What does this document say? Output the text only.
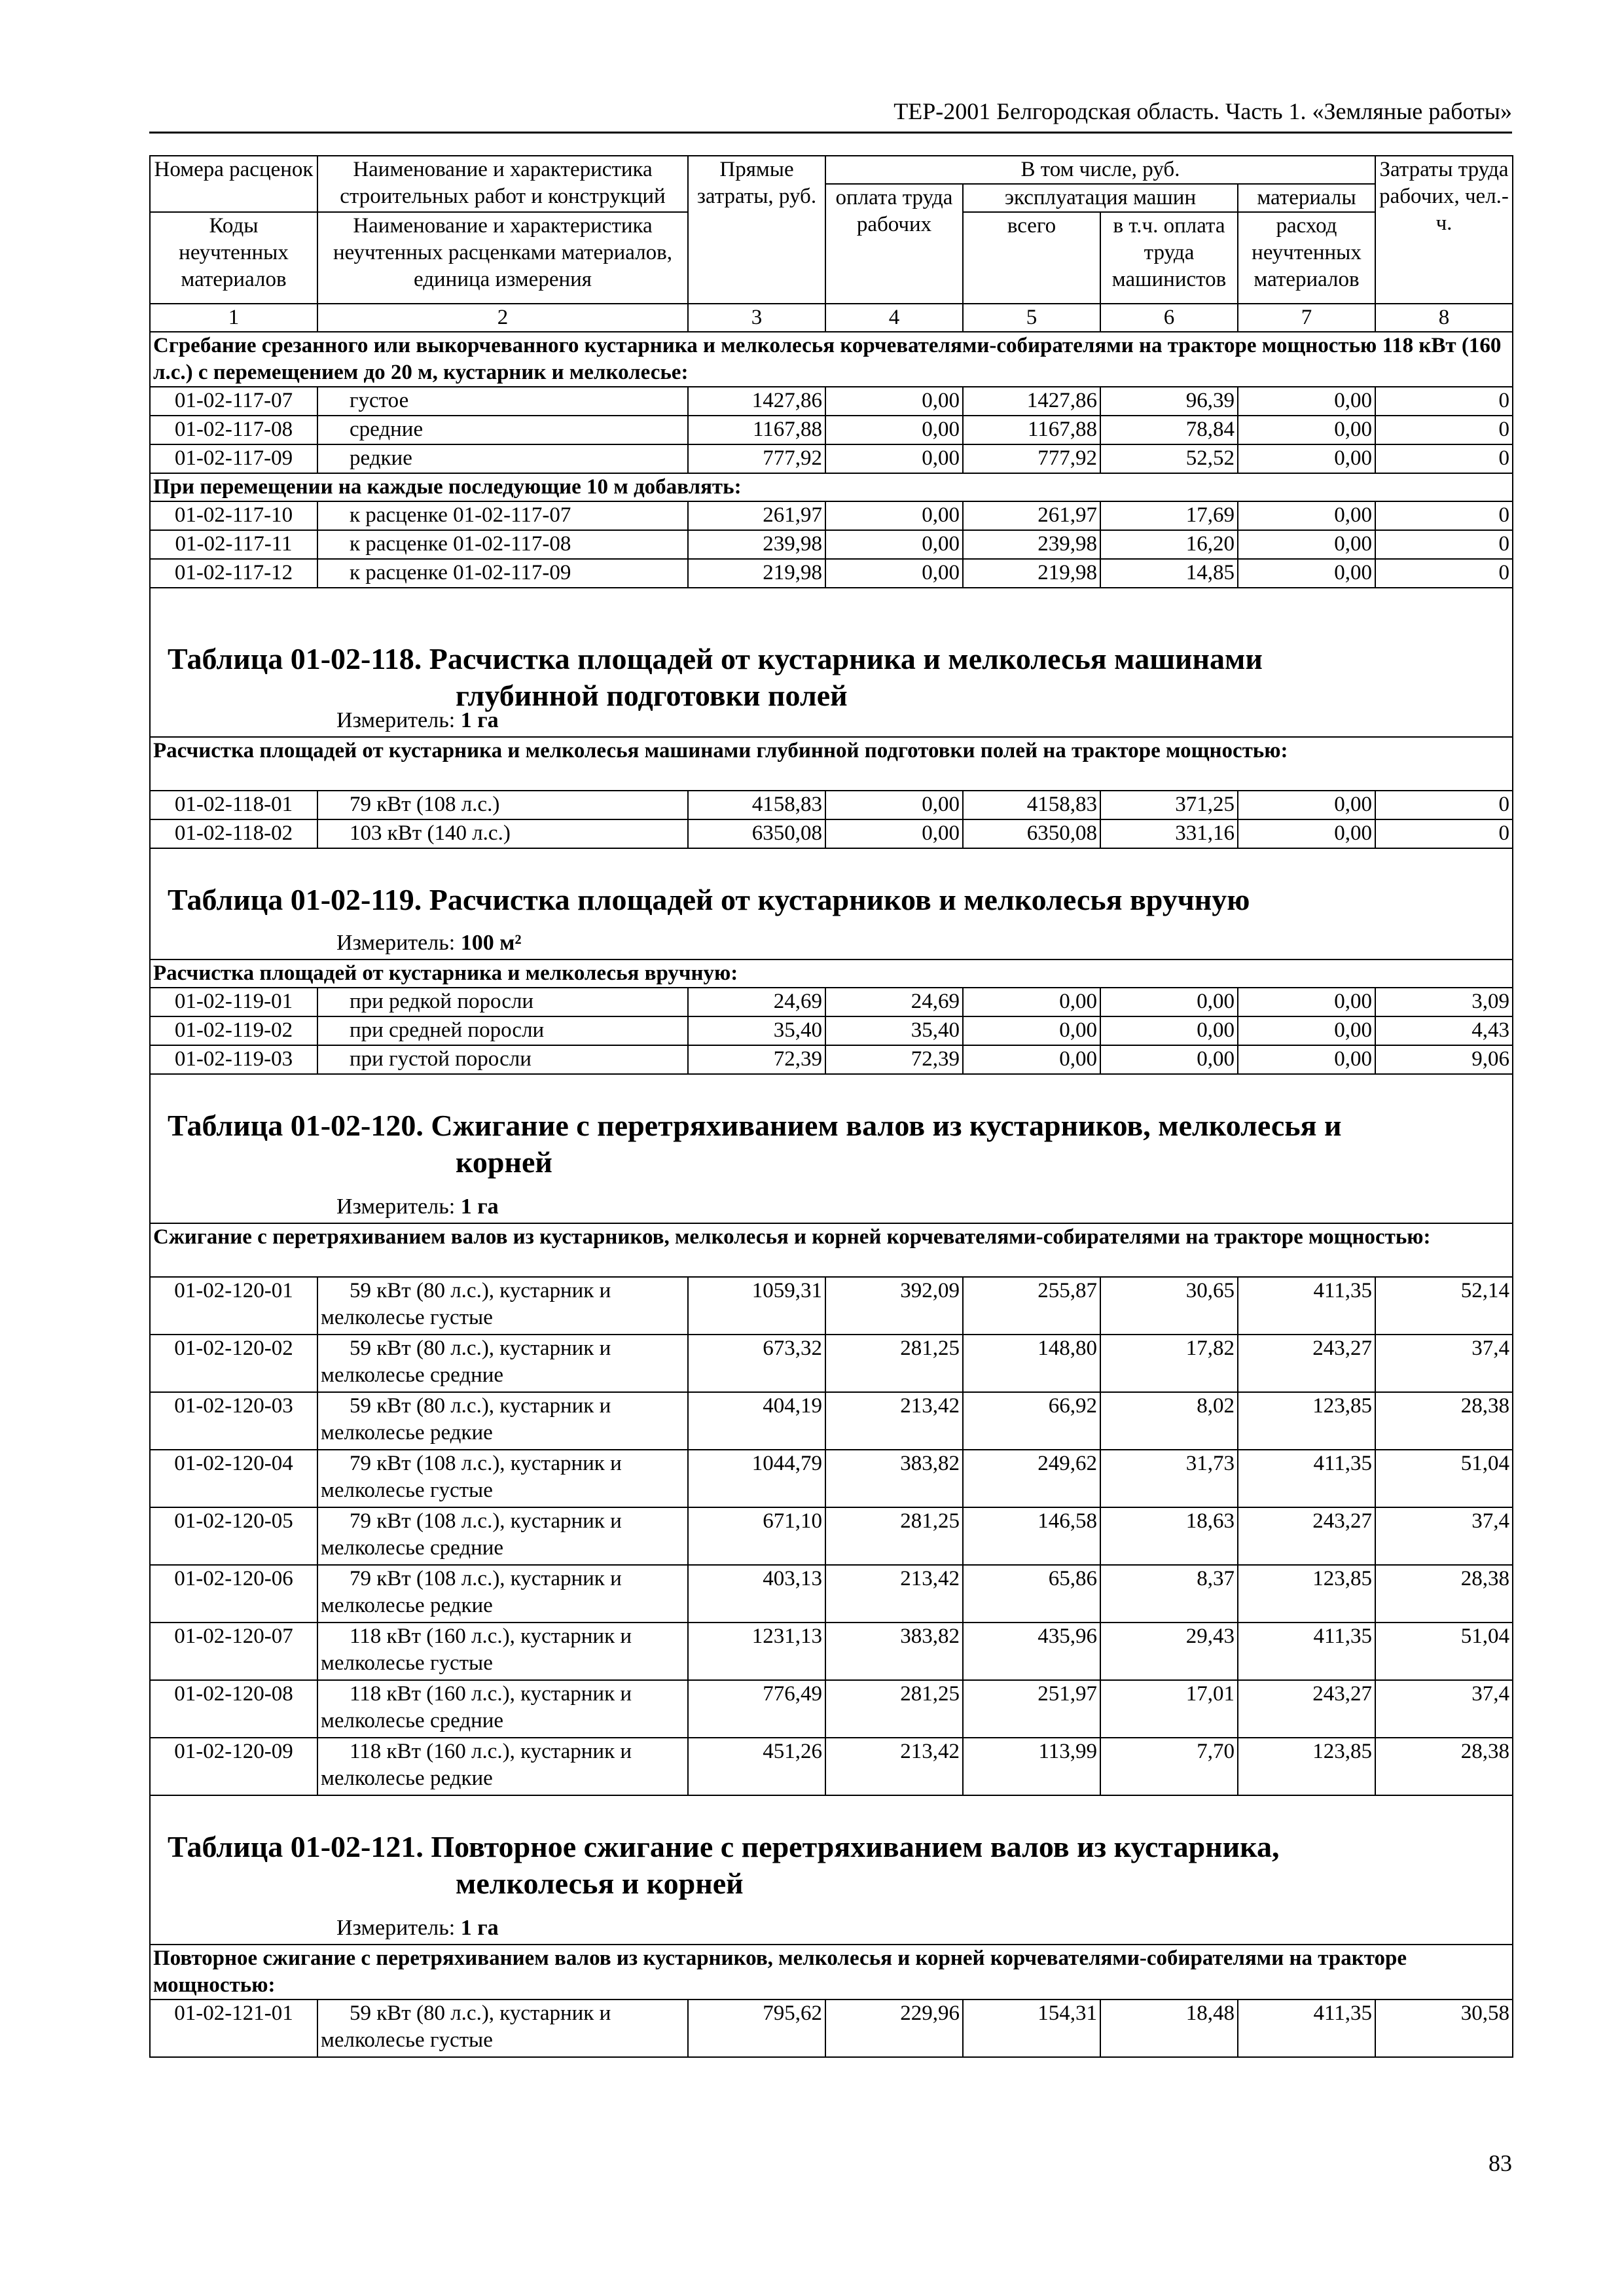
ТЕР-2001 Белгородская область. Часть 1. «Земляные работы»
Номера расценок	Наименование и характеристика строительных работ и конструкций	Прямые затраты, руб.	В том числе, руб.				Затраты труда рабочих, чел.-ч.
			оплата труда рабочих	эксплуатация машин		материалы	
Коды неучтенных материалов	Наименование и характеристика неучтенных расценками материалов, единица измерения			всего	в т.ч. оплата труда машинистов	расход неучтенных материалов	

1	2	3	4	5	6	7	8
Сгребание срезанного или выкорчеванного кустарника и мелколесья корчевателями-собирателями на тракторе мощностью 118 кВт (160 л.с.) с перемещением до 20 м, кустарник и мелколесье:							
01-02-117-07	густое	1427,86	0,00	1427,86	96,39	0,00	0
01-02-117-08	средние	1167,88	0,00	1167,88	78,84	0,00	0
01-02-117-09	редкие	777,92	0,00	777,92	52,52	0,00	0
При перемещении на каждые последующие 10 м добавлять:							
01-02-117-10	к расценке 01-02-117-07	261,97	0,00	261,97	17,69	0,00	0
01-02-117-11	к расценке 01-02-117-08	239,98	0,00	239,98	16,20	0,00	0
01-02-117-12	к расценке 01-02-117-09	219,98	0,00	219,98	14,85	0,00	0

Таблица 01-02-118. Расчистка площадей от кустарника и мелколесья машинами
глубинной подготовки полей
Измеритель: 1 га							

Расчистка площадей от кустарника и мелколесья машинами глубинной подготовки полей на тракторе мощностью:							
01-02-118-01	79 кВт (108 л.с.)	4158,83	0,00	4158,83	371,25	0,00	0
01-02-118-02	103 кВт (140 л.с.)	6350,08	0,00	6350,08	331,16	0,00	0

Таблица 01-02-119. Расчистка площадей от кустарников и мелколесья вручную
Измеритель: 100 м²							

Расчистка площадей от кустарника и мелколесья вручную:							
01-02-119-01	при редкой поросли	24,69	24,69	0,00	0,00	0,00	3,09
01-02-119-02	при средней поросли	35,40	35,40	0,00	0,00	0,00	4,43
01-02-119-03	при густой поросли	72,39	72,39	0,00	0,00	0,00	9,06

Таблица 01-02-120. Сжигание с перетряхиванием валов из кустарников, мелколесья и
корней
Измеритель: 1 га							

Сжигание с перетряхиванием валов из кустарников, мелколесья и корней корчевателями-собирателями на тракторе мощностью:							
01-02-120-01	59 кВт (80 л.с.), кустарник и
мелколесье густые	1059,31	392,09	255,87	30,65	411,35	52,14
01-02-120-02	59 кВт (80 л.с.), кустарник и
мелколесье средние	673,32	281,25	148,80	17,82	243,27	37,4
01-02-120-03	59 кВт (80 л.с.), кустарник и
мелколесье редкие	404,19	213,42	66,92	8,02	123,85	28,38
01-02-120-04	79 кВт (108 л.с.), кустарник и
мелколесье густые	1044,79	383,82	249,62	31,73	411,35	51,04
01-02-120-05	79 кВт (108 л.с.), кустарник и
мелколесье средние	671,10	281,25	146,58	18,63	243,27	37,4
01-02-120-06	79 кВт (108 л.с.), кустарник и
мелколесье редкие	403,13	213,42	65,86	8,37	123,85	28,38
01-02-120-07	118 кВт (160 л.с.), кустарник и
мелколесье густые	1231,13	383,82	435,96	29,43	411,35	51,04
01-02-120-08	118 кВт (160 л.с.), кустарник и
мелколесье средние	776,49	281,25	251,97	17,01	243,27	37,4
01-02-120-09	118 кВт (160 л.с.), кустарник и
мелколесье редкие	451,26	213,42	113,99	7,70	123,85	28,38

Таблица 01-02-121. Повторное сжигание с перетряхиванием валов из кустарника,
мелколесья и корней
Измеритель: 1 га							

Повторное сжигание с перетряхиванием валов из кустарников, мелколесья и корней корчевателями-собирателями на тракторе мощностью:							
01-02-121-01	59 кВт (80 л.с.), кустарник и
мелколесье густые	795,62	229,96	154,31	18,48	411,35	30,58
83
